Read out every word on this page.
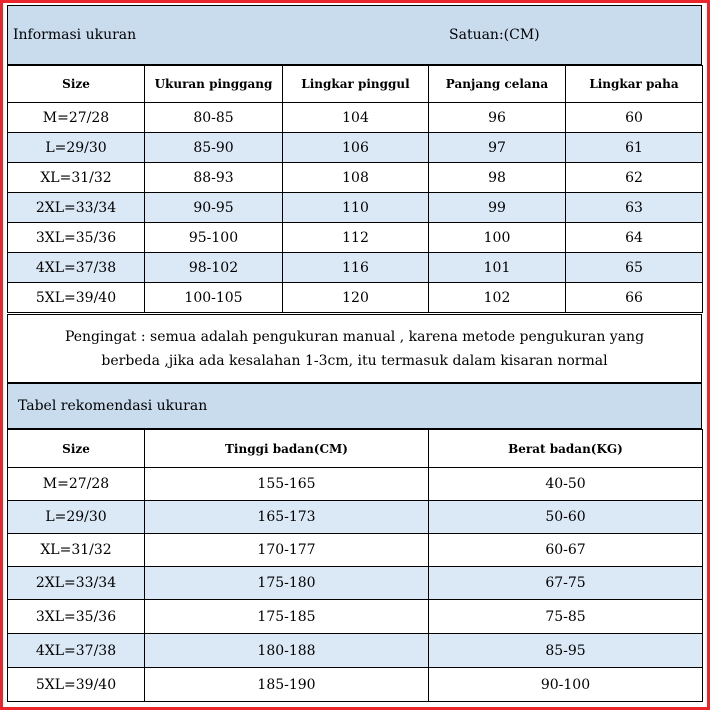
Informasi ukuran	Satuan:(CM)
Size	Ukuran pinggang	Lingkar pinggul	Panjang celana	Lingkar paha
M=27/28	80-85	104	96	60
L=29/30	85-90	106	97	61
XL=31/32	88-93	108	98	62
2XL=33/34	90-95	110	99	63
3XL=35/36	95-100	112	100	64
4XL=37/38	98-102	116	101	65
5XL=39/40	100-105	120	102	66
Pengingat : semua adalah pengukuran manual , karena metode pengukuran yang
berbeda ,jika ada kesalahan 1-3cm, itu termasuk dalam kisaran normal
Tabel rekomendasi ukuran
Size	Tinggi badan(CM)	Berat badan(KG)
M=27/28	155-165	40-50
L=29/30	165-173	50-60
XL=31/32	170-177	60-67
2XL=33/34	175-180	67-75
3XL=35/36	175-185	75-85
4XL=37/38	180-188	85-95
5XL=39/40	185-190	90-100
